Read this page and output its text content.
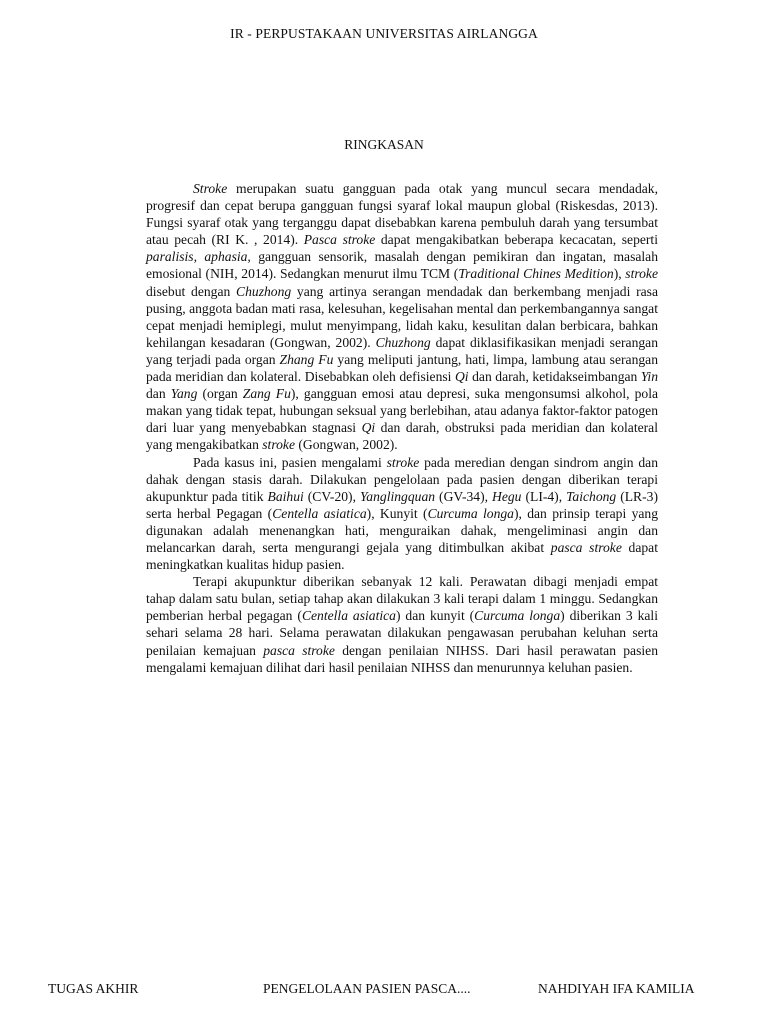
IR - PERPUSTAKAAN UNIVERSITAS AIRLANGGA
RINGKASAN

Stroke merupakan suatu gangguan pada otak yang muncul secara mendadak, progresif dan cepat berupa gangguan fungsi syaraf lokal maupun global (Riskesdas, 2013). Fungsi syaraf otak yang terganggu dapat disebabkan karena pembuluh darah yang tersumbat atau pecah (RI K. , 2014). Pasca stroke dapat mengakibatkan beberapa kecacatan, seperti paralisis, aphasia, gangguan sensorik, masalah dengan pemikiran dan ingatan, masalah emosional (NIH, 2014). Sedangkan menurut ilmu TCM (Traditional Chines Medition), stroke disebut dengan Chuzhong yang artinya serangan mendadak dan berkembang menjadi rasa pusing, anggota badan mati rasa, kelesuhan, kegelisahan mental dan perkembangannya sangat cepat menjadi hemiplegi, mulut menyimpang, lidah kaku, kesulitan dalan berbicara, bahkan kehilangan kesadaran (Gongwan, 2002). Chuzhong dapat diklasifikasikan menjadi serangan yang terjadi pada organ Zhang Fu yang meliputi jantung, hati, limpa, lambung atau serangan pada meridian dan kolateral. Disebabkan oleh defisiensi Qi dan darah, ketidakseimbangan Yin dan Yang (organ Zang Fu), gangguan emosi atau depresi, suka mengonsumsi alkohol, pola makan yang tidak tepat, hubungan seksual yang berlebihan, atau adanya faktor-faktor patogen dari luar yang menyebabkan stagnasi Qi dan darah, obstruksi pada meridian dan kolateral yang mengakibatkan stroke (Gongwan, 2002).

Pada kasus ini, pasien mengalami stroke pada meredian dengan sindrom angin dan dahak dengan stasis darah. Dilakukan pengelolaan pada pasien dengan diberikan terapi akupunktur pada titik Baihui (CV-20), Yanglingquan (GV-34), Hegu (LI-4), Taichong (LR-3) serta herbal Pegagan (Centella asiatica), Kunyit (Curcuma longa), dan prinsip terapi yang digunakan adalah menenangkan hati, menguraikan dahak, mengeliminasi angin dan melancarkan darah, serta mengurangi gejala yang ditimbulkan akibat pasca stroke dapat meningkatkan kualitas hidup pasien.

Terapi akupunktur diberikan sebanyak 12 kali. Perawatan dibagi menjadi empat tahap dalam satu bulan, setiap tahap akan dilakukan 3 kali terapi dalam 1 minggu. Sedangkan pemberian herbal pegagan (Centella asiatica) dan kunyit (Curcuma longa) diberikan 3 kali sehari selama 28 hari. Selama perawatan dilakukan pengawasan perubahan keluhan serta penilaian kemajuan pasca stroke dengan penilaian NIHSS. Dari hasil perawatan pasien mengalami kemajuan dilihat dari hasil penilaian NIHSS dan menurunnya keluhan pasien.

TUGAS AKHIR	PENGELOLAAN PASIEN PASCA....	NAHDIYAH IFA KAMILIA
